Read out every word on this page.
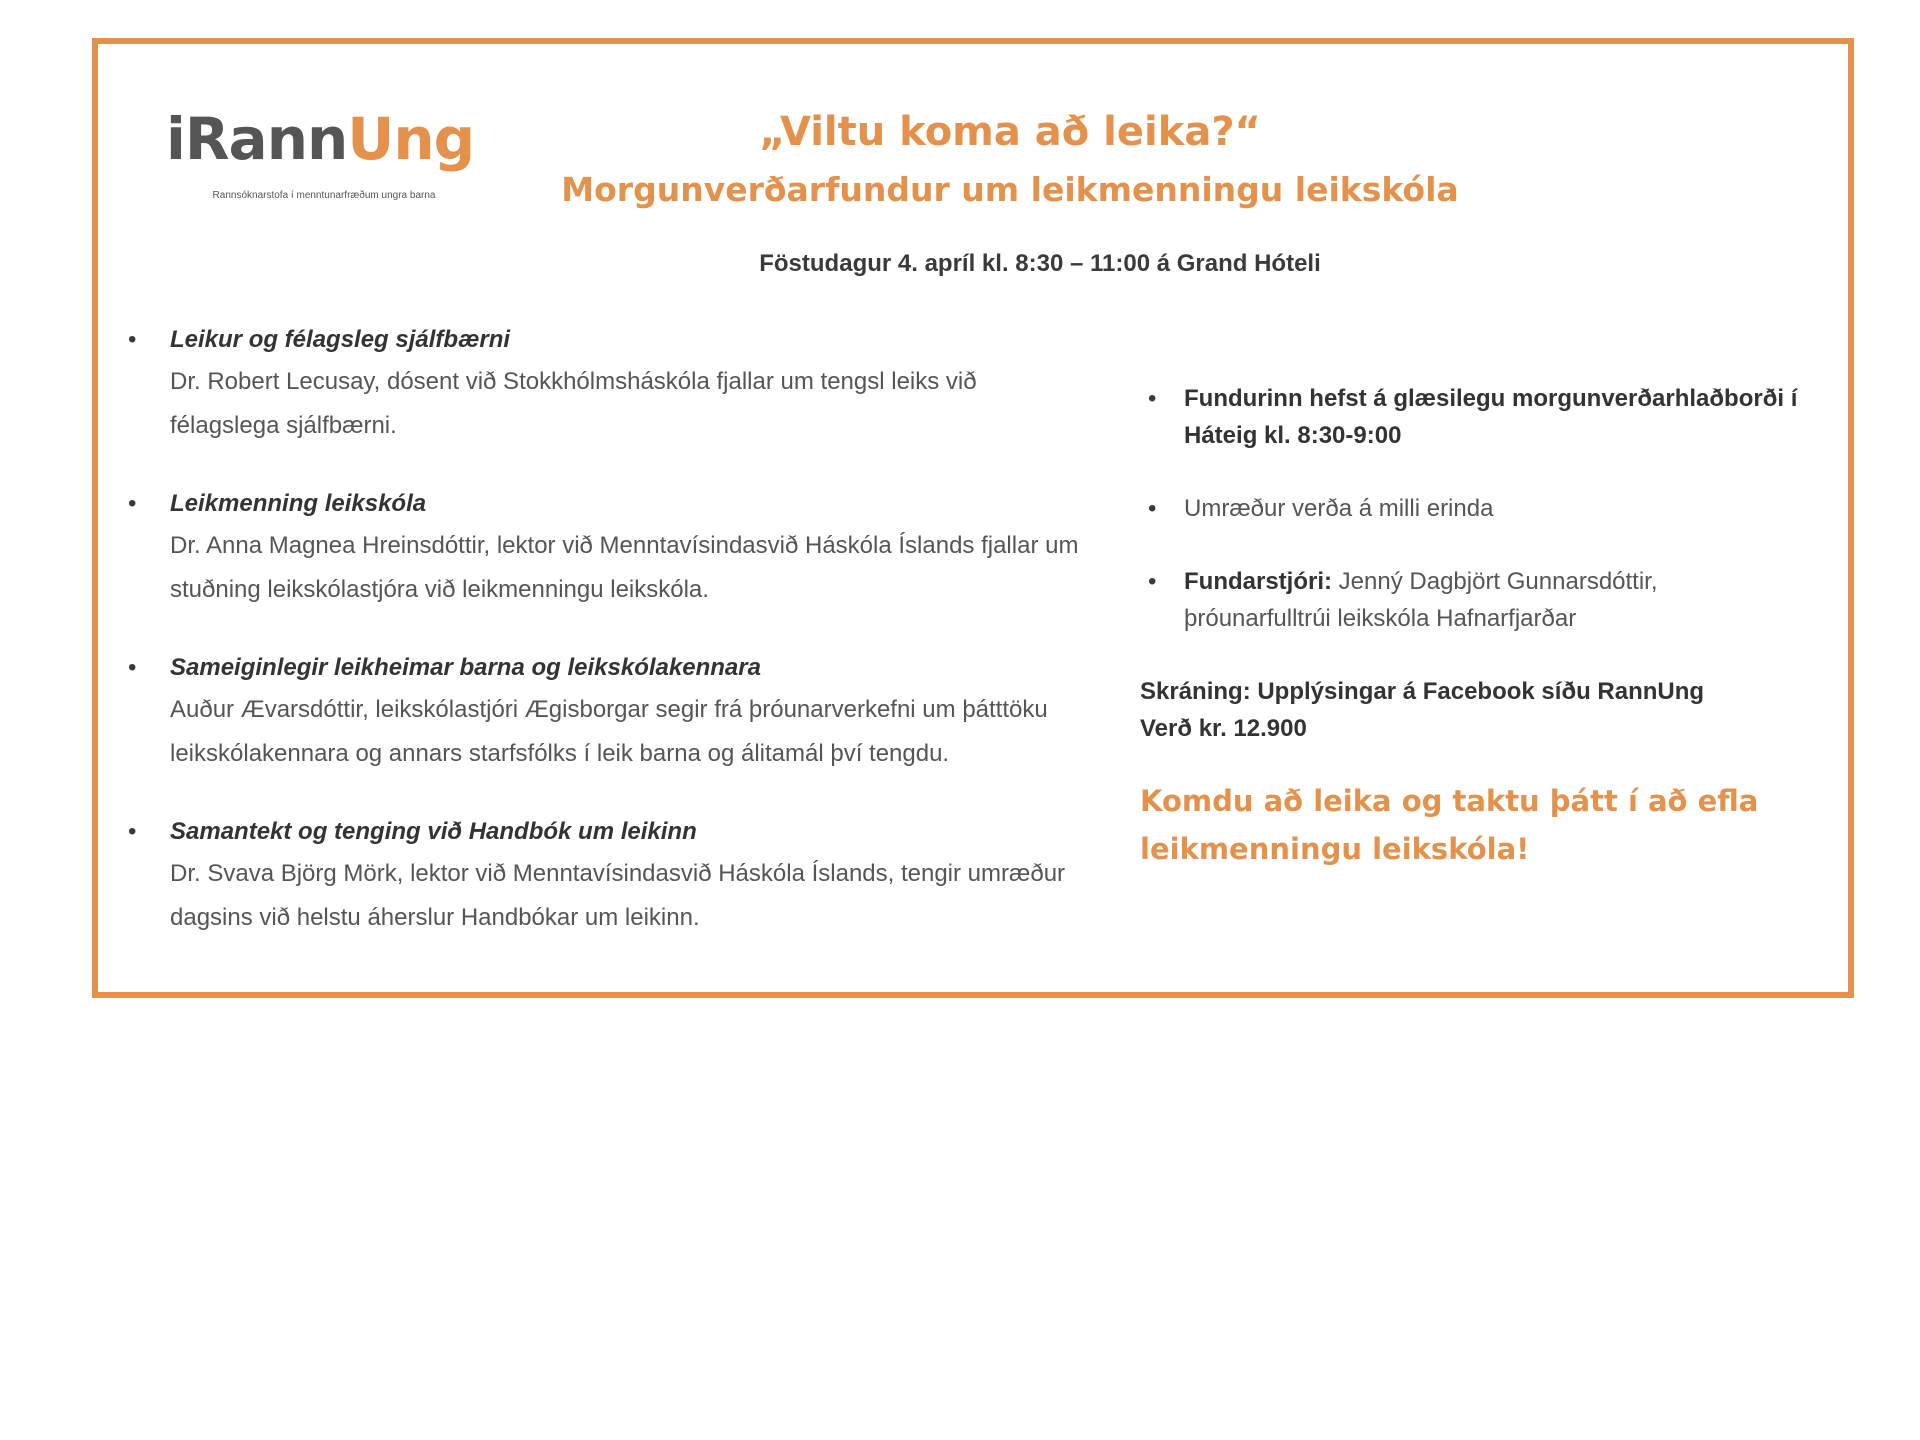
iRannUng
Rannsóknarstofa í menntunarfræðum ungra barna
„Viltu koma að leika?“
Morgunverðarfundur um leikmenningu leikskóla
Föstudagur 4. apríl kl. 8:30 – 11:00 á Grand Hóteli
• Leikur og félagsleg sjálfbærni
Dr. Robert Lecusay, dósent við Stokkhólmsháskóla fjallar um tengsl leiks við félagslega sjálfbærni.
• Leikmenning leikskóla
Dr. Anna Magnea Hreinsdóttir, lektor við Menntavísindasvið Háskóla Íslands fjallar um stuðning leikskólastjóra við leikmenningu leikskóla.
• Sameiginlegir leikheimar barna og leikskólakennara
Auður Ævarsdóttir, leikskólastjóri Ægisborgar segir frá þróunarverkefni um þátttöku leikskólakennara og annars starfsfólks í leik barna og álitamál því tengdu.
• Samantekt og tenging við Handbók um leikinn
Dr. Svava Björg Mörk, lektor við Menntavísindasvið Háskóla Íslands, tengir umræður dagsins við helstu áherslur Handbókar um leikinn.
• Fundurinn hefst á glæsilegu morgunverðarhlaðborði í Háteig kl. 8:30-9:00
• Umræður verða á milli erinda
• Fundarstjóri: Jenný Dagbjört Gunnarsdóttir, þróunarfulltrúi leikskóla Hafnarfjarðar
Skráning: Upplýsingar á Facebook síðu RannUng
Verð kr. 12.900
Komdu að leika og taktu þátt í að efla leikmenningu leikskóla!
